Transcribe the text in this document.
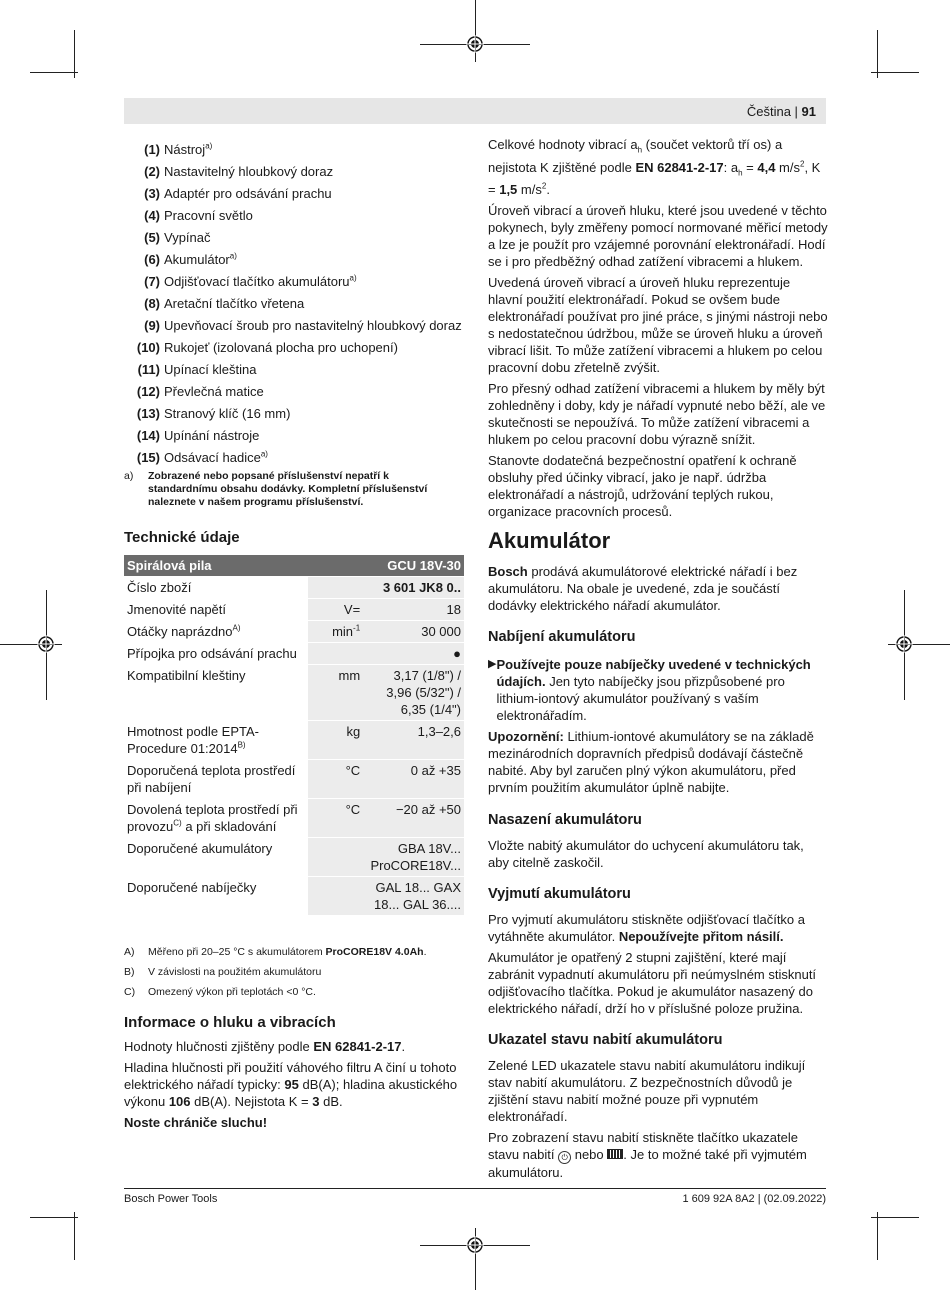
Čeština | 91
(1) Nástroj$^{a)}$
(2) Nastavitelný hloubkový doraz
(3) Adaptér pro odsávání prachu
(4) Pracovní světlo
(5) Vypínač
(6) Akumulátor$^{a)}$
(7) Odjišťovací tlačítko akumulátoru$^{a)}$
(8) Aretační tlačítko vřetena
(9) Upevňovací šroub pro nastavitelný hloubkový doraz
(10) Rukojeť (izolovaná plocha pro uchopení)
(11) Upínací kleština
(12) Převlečná matice
(13) Stranový klíč (16 mm)
(14) Upínání nástroje
(15) Odsávací hadice$^{a)}$
a)	Zobrazené nebo popsané příslušenství nepatří k standardnímu obsahu dodávky. Kompletní příslušenství naleznete v našem programu příslušenství.
Technické údaje
Spirálová pila		GCU 18V-30
Číslo zboží		3 601 JK8 0..
Jmenovité napětí	V=	18
Otáčky naprázdno$^{A)}$	$\min^{-1}$	30 000
Přípojka pro odsávání prachu		●
Kompatibilní kleštiny	mm	3,17 (1/8") / 3,96 (5/32") / 6,35 (1/4")
Hmotnost podle EPTA-Procedure $01:2014^{B)}$	kg	1,3–2,6
Doporučená teplota prostředí při nabíjení	°C	0 až +35
Dovolená teplota prostředí při provozu$^{C)}$ a při skladování	°C	−20 až +50
Doporučené akumulátory		GBA 18V... ProCORE18V...
Doporučené nabíječky		GAL 18... GAX 18... GAL 36....
A)	Měřeno při 20–25 °C s akumulátorem ProCORE18V 4.0Ah.
B)	V závislosti na použitém akumulátoru
C)	Omezený výkon při teplotách <0 °C.
Informace o hluku a vibracích
Hodnoty hlučnosti zjištěny podle EN 62841-2-17.
Hladina hlučnosti při použití váhového filtru A činí u tohoto elektrického nářadí typicky: 95 dB(A); hladina akustického výkonu 106 dB(A). Nejistota K = 3 dB.
Noste chrániče sluchu!

Celkové hodnoty vibrací $a_h$ (součet vektorů tří os) a nejistota K zjištěné podle EN 62841-2-17: $a_h = 4,4$ $m/s^2$, K = 1,5 $m/s^2$.

Úroveň vibrací a úroveň hluku, které jsou uvedené v těchto pokynech, byly změřeny pomocí normované měřicí metody a lze je použít pro vzájemné porovnání elektronářadí. Hodí se i pro předběžný odhad zatížení vibracemi a hlukem.

Uvedená úroveň vibrací a úroveň hluku reprezentuje hlavní použití elektronářadí. Pokud se ovšem bude elektronářadí používat pro jiné práce, s jinými nástroji nebo s nedostatečnou údržbou, může se úroveň hluku a úroveň vibrací lišit. To může zatížení vibracemi a hlukem po celou pracovní dobu zřetelně zvýšit.

Pro přesný odhad zatížení vibracemi a hlukem by měly být zohledněny i doby, kdy je nářadí vypnuté nebo běží, ale ve skutečnosti se nepoužívá. To může zatížení vibracemi a hlukem po celou pracovní dobu výrazně snížit.

Stanovte dodatečná bezpečnostní opatření k ochraně obsluhy před účinky vibrací, jako je např. údržba elektronářadí a nástrojů, udržování teplých rukou, organizace pracovních procesů.

Akumulátor
Bosch prodává akumulátorové elektrické nářadí i bez akumulátoru. Na obale je uvedené, zda je součástí dodávky elektrického nářadí akumulátor.
Nabíjení akumulátoru
▶ Používejte pouze nabíječky uvedené v technických údajích. Jen tyto nabíječky jsou přizpůsobené pro lithium-iontový akumulátor používaný s vaším elektronářadím.

Upozornění: Lithium-iontové akumulátory se na základě mezinárodních dopravních předpisů dodávají částečně nabité. Aby byl zaručen plný výkon akumulátoru, před prvním použitím akumulátor úplně nabijte.

Nasazení akumulátoru
Vložte nabitý akumulátor do uchycení akumulátoru tak, aby citelně zaskočil.
Vyjmutí akumulátoru

Pro vyjmutí akumulátoru stiskněte odjišťovací tlačítko a vytáhněte akumulátor. Nepoužívejte přitom násilí.

Akumulátor je opatřený 2 stupni zajištění, které mají zabránit vypadnutí akumulátoru při neúmyslném stisknutí odjišťovacího tlačítka. Pokud je akumulátor nasazený do elektrického nářadí, drží ho v příslušné poloze pružina.

Ukazatel stavu nabití akumulátoru

Zelené LED ukazatele stavu nabití akumulátoru indikují stav nabití akumulátoru. Z bezpečnostních důvodů je zjištění stavu nabití možné pouze při vypnutém elektronářadí.

Pro zobrazení stavu nabití stiskněte tlačítko ukazatele stavu nabití ⏻ nebo . Je to možné také při vyjmutém akumulátoru.

Bosch Power Tools	1 609 92A 8A2 | (02.09.2022)
